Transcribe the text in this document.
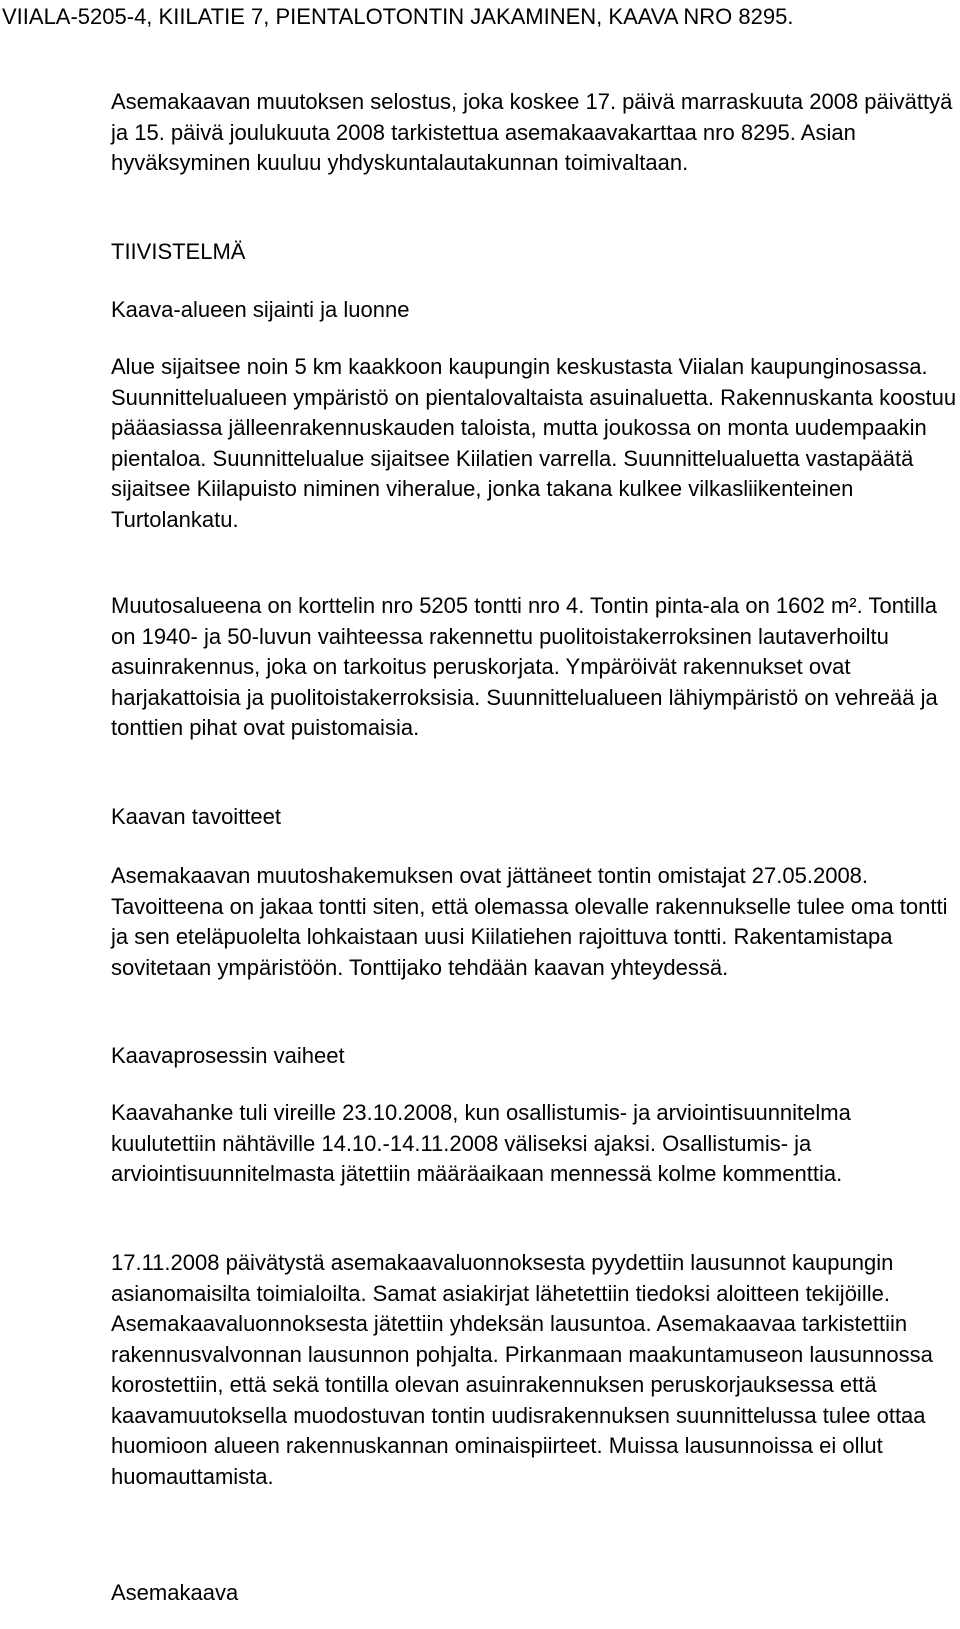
VIIALA-5205-4, KIILATIE 7, PIENTALOTONTIN JAKAMINEN, KAAVA NRO 8295.

Asemakaavan muutoksen selostus, joka koskee 17. päivä marraskuuta 2008 päivättyä ja 15. päivä joulukuuta 2008 tarkistettua asemakaavakarttaa nro 8295. Asian hyväksyminen kuuluu yhdyskuntalautakunnan toimivaltaan.

TIIVISTELMÄ
Kaava-alueen sijainti ja luonne

Alue sijaitsee noin 5 km kaakkoon kaupungin keskustasta Viialan kaupunginosassa. Suunnittelualueen ympäristö on pientalovaltaista asuinaluetta. Rakennuskanta koostuu pääasiassa jälleenrakennuskauden taloista, mutta joukossa on monta uudempaakin pientaloa. Suunnittelualue sijaitsee Kiilatien varrella. Suunnittelualuetta vastapäätä sijaitsee Kiilapuisto niminen viheralue, jonka takana kulkee vilkasliikenteinen Turtolankatu.

Muutosalueena on korttelin nro 5205 tontti nro 4. Tontin pinta-ala on 1602 m². Tontilla on 1940- ja 50-luvun vaihteessa rakennettu puolitoistakerroksinen lautaverhoiltu asuinrakennus, joka on tarkoitus peruskorjata. Ympäröivät rakennukset ovat harjakattoisia ja puolitoistakerroksisia. Suunnittelualueen lähiympäristö on vehreää ja tonttien pihat ovat puistomaisia.

Kaavan tavoitteet

Asemakaavan muutoshakemuksen ovat jättäneet tontin omistajat 27.05.2008. Tavoitteena on jakaa tontti siten, että olemassa olevalle rakennukselle tulee oma tontti ja sen eteläpuolelta lohkaistaan uusi Kiilatiehen rajoittuva tontti. Rakentamistapa sovitetaan ympäristöön. Tonttijako tehdään kaavan yhteydessä.

Kaavaprosessin vaiheet

Kaavahanke tuli vireille 23.10.2008, kun osallistumis- ja arviointisuunnitelma kuulutettiin nähtäville 14.10.-14.11.2008 väliseksi ajaksi. Osallistumis- ja arviointisuunnitelmasta jätettiin määräaikaan mennessä kolme kommenttia.

17.11.2008 päivätystä asemakaavaluonnoksesta pyydettiin lausunnot kaupungin asianomaisilta toimialoilta. Samat asiakirjat lähetettiin tiedoksi aloitteen tekijöille. Asemakaavaluonnoksesta jätettiin yhdeksän lausuntoa. Asemakaavaa tarkistettiin rakennusvalvonnan lausunnon pohjalta. Pirkanmaan maakuntamuseon lausunnossa korostettiin, että sekä tontilla olevan asuinrakennuksen peruskorjauksessa että kaavamuutoksella muodostuvan tontin uudisrakennuksen suunnittelussa tulee ottaa huomioon alueen rakennuskannan ominaispiirteet. Muissa lausunnoissa ei ollut huomauttamista.

Asemakaava
